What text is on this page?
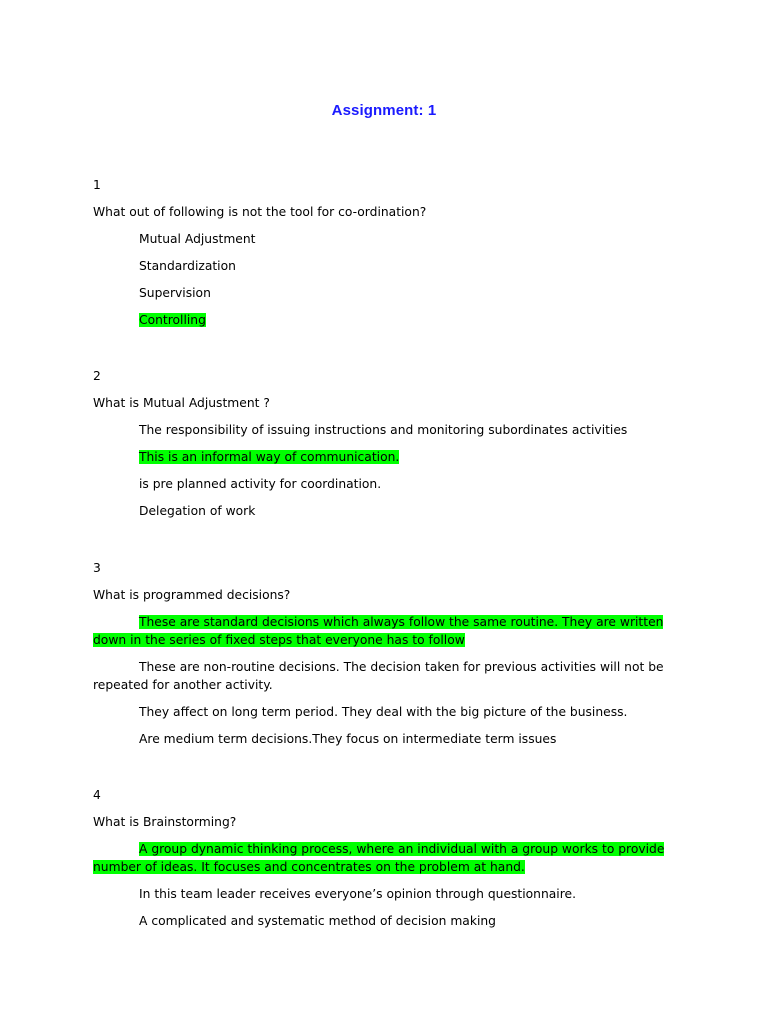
Assignment: 1

1

What out of following is not the tool for co-ordination?

Mutual Adjustment

Standardization

Supervision

Controlling

2

What is Mutual Adjustment ?

The responsibility of issuing instructions and monitoring subordinates activities

This is an informal way of communication.

is pre planned activity for coordination.

Delegation of work

3

What is programmed decisions?

These are standard decisions which always follow the same routine. They are written down in the series of fixed steps that everyone has to follow

These are non-routine decisions. The decision taken for previous activities will not be repeated for another activity.

They affect on long term period. They deal with the big picture of the business.

Are medium term decisions.They focus on intermediate term issues

4

What is Brainstorming?

A group dynamic thinking process, where an individual with a group works to provide number of ideas. It focuses and concentrates on the problem at hand.

In this team leader receives everyone’s opinion through questionnaire.

A complicated and systematic method of decision making
